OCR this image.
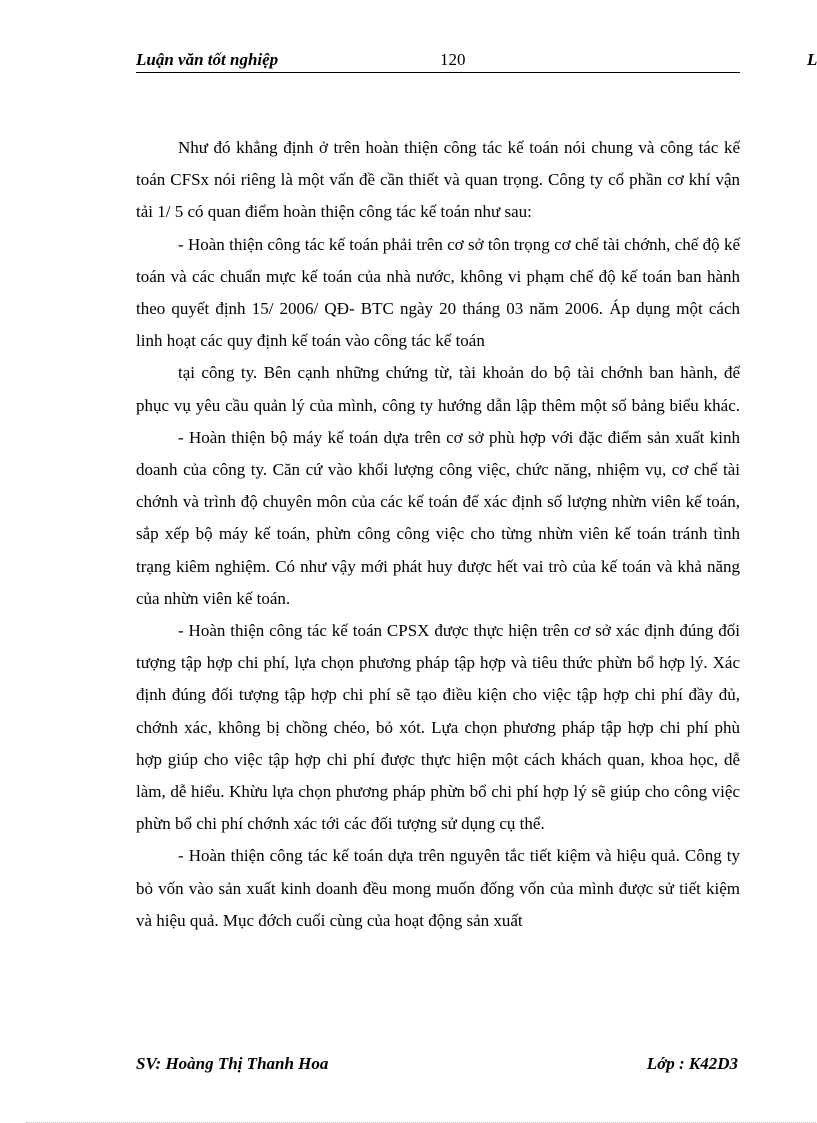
Luận văn tốt nghiệp	120	L

Như đó khẳng định ở trên hoàn thiện công tác kế toán nói chung và công tác kế toán CFSx nói riêng là một vấn đề cần thiết và quan trọng. Công ty cổ phần cơ khí vận tải 1/ 5 có quan điểm hoàn thiện công tác kế toán như sau:

- Hoàn thiện công tác kế toán phải trên cơ sở tôn trọng cơ chế tài chớnh, chế độ kế toán và các chuẩn mực kế toán của nhà nước, không vi phạm chế độ kế toán ban hành theo quyết định 15/ 2006/ QĐ- BTC ngày 20 tháng 03 năm 2006. Áp dụng một cách linh hoạt các quy định kế toán vào công tác kế toán

tại công ty. Bên cạnh những chứng từ, tài khoản do bộ tài chớnh ban hành, để phục vụ yêu cầu quản lý của mình, công ty hướng dẫn lập thêm một số bảng biểu khác.

- Hoàn thiện bộ máy kế toán dựa trên cơ sở phù hợp với đặc điểm sản xuất kinh doanh của công ty. Căn cứ vào khối lượng công việc, chức năng, nhiệm vụ, cơ chế tài chớnh và trình độ chuyên môn của các kế toán để xác định số lượng nhừn viên kế toán, sắp xếp bộ máy kế toán, phừn công công việc cho từng nhừn viên kế toán tránh tình trạng kiêm nghiệm. Có như vậy mới phát huy được hết vai trò của kế toán và khả năng của nhừn viên kế toán.

- Hoàn thiện công tác kế toán CPSX được thực hiện trên cơ sở xác định đúng đối tượng tập hợp chi phí, lựa chọn phương pháp tập hợp và tiêu thức phừn bổ hợp lý. Xác định đúng đối tượng tập hợp chi phí sẽ tạo điều kiện cho việc tập hợp chi phí đầy đủ, chớnh xác, không bị chồng chéo, bỏ xót. Lựa chọn phương pháp tập hợp chi phí phù hợp giúp cho việc tập hợp chi phí được thực hiện một cách khách quan, khoa học, dễ làm, dễ hiểu. Khừu lựa chọn phương pháp phừn bổ chi phí hợp lý sẽ giúp cho công việc phừn bổ chi phí chớnh xác tới các đối tượng sử dụng cụ thể.

- Hoàn thiện công tác kế toán dựa trên nguyên tắc tiết kiệm và hiệu quả. Công ty bỏ vốn vào sản xuất kinh doanh đều mong muốn đống vốn của mình được sử tiết kiệm và hiệu quả. Mục đớch cuối cùng của hoạt động sản xuất

SV: Hoàng Thị Thanh Hoa	Lớp : K42D3
